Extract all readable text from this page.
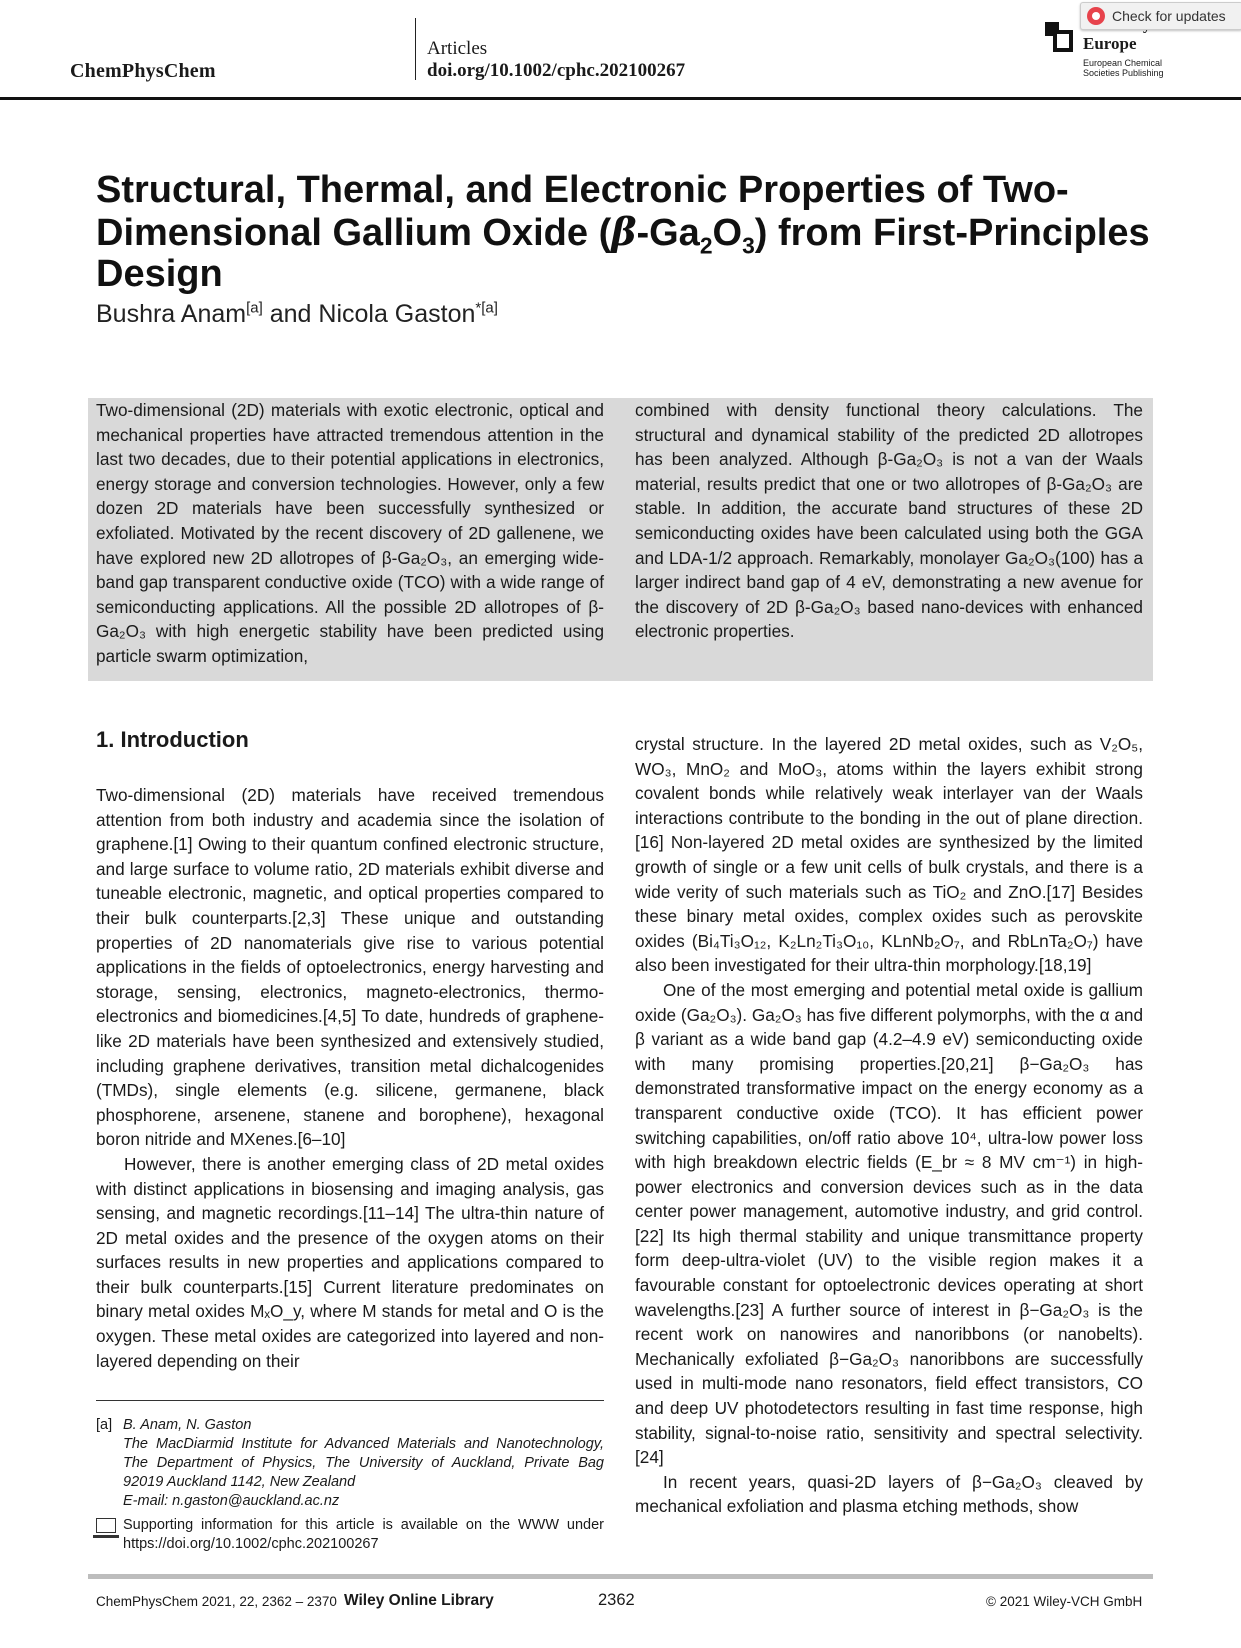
ChemPhysChem
Articles
doi.org/10.1002/cphc.202100267
Europe
European Chemical Societies Publishing
Check for updates
Structural, Thermal, and Electronic Properties of Two-Dimensional Gallium Oxide $(\beta-Ga_2O_3)$ from First-Principles Design
Bushra Anam[a] and Nicola Gaston$^{*[a]}$
Two-dimensional (2D) materials with exotic electronic, optical and mechanical properties have attracted tremendous attention in the last two decades, due to their potential applications in electronics, energy storage and conversion technologies. However, only a few dozen 2D materials have been successfully synthesized or exfoliated. Motivated by the recent discovery of 2D gallenene, we have explored new 2D allotropes of β-Ga₂O₃, an emerging wide-band gap transparent conductive oxide (TCO) with a wide range of semiconducting applications. All the possible 2D allotropes of β-Ga₂O₃ with high energetic stability have been predicted using particle swarm optimization,
combined with density functional theory calculations. The structural and dynamical stability of the predicted 2D allotropes has been analyzed. Although β-Ga₂O₃ is not a van der Waals material, results predict that one or two allotropes of β-Ga₂O₃ are stable. In addition, the accurate band structures of these 2D semiconducting oxides have been calculated using both the GGA and LDA-1/2 approach. Remarkably, monolayer Ga₂O₃(100) has a larger indirect band gap of 4 eV, demonstrating a new avenue for the discovery of 2D β-Ga₂O₃ based nano-devices with enhanced electronic properties.
1. Introduction

Two-dimensional (2D) materials have received tremendous attention from both industry and academia since the isolation of graphene.[1] Owing to their quantum confined electronic structure, and large surface to volume ratio, 2D materials exhibit diverse and tuneable electronic, magnetic, and optical properties compared to their bulk counterparts.[2,3] These unique and outstanding properties of 2D nanomaterials give rise to various potential applications in the fields of optoelectronics, energy harvesting and storage, sensing, electronics, magneto-electronics, thermo-electronics and biomedicines.[4,5] To date, hundreds of graphene-like 2D materials have been synthesized and extensively studied, including graphene derivatives, transition metal dichalcogenides (TMDs), single elements (e.g. silicene, germanene, black phosphorene, arsenene, stanene and borophene), hexagonal boron nitride and MXenes.[6–10]

However, there is another emerging class of 2D metal oxides with distinct applications in biosensing and imaging analysis, gas sensing, and magnetic recordings.[11–14] The ultra-thin nature of 2D metal oxides and the presence of the oxygen atoms on their surfaces results in new properties and applications compared to their bulk counterparts.[15] Current literature predominates on binary metal oxides MₓO_y, where M stands for metal and O is the oxygen. These metal oxides are categorized into layered and non-layered depending on their

crystal structure. In the layered 2D metal oxides, such as V₂O₅, WO₃, MnO₂ and MoO₃, atoms within the layers exhibit strong covalent bonds while relatively weak interlayer van der Waals interactions contribute to the bonding in the out of plane direction.[16] Non-layered 2D metal oxides are synthesized by the limited growth of single or a few unit cells of bulk crystals, and there is a wide verity of such materials such as TiO₂ and ZnO.[17] Besides these binary metal oxides, complex oxides such as perovskite oxides (Bi₄Ti₃O₁₂, K₂Ln₂Ti₃O₁₀, KLnNb₂O₇, and RbLnTa₂O₇) have also been investigated for their ultra-thin morphology.[18,19]

One of the most emerging and potential metal oxide is gallium oxide (Ga₂O₃). Ga₂O₃ has five different polymorphs, with the α and β variant as a wide band gap (4.2–4.9 eV) semiconducting oxide with many promising properties.[20,21] β−Ga₂O₃ has demonstrated transformative impact on the energy economy as a transparent conductive oxide (TCO). It has efficient power switching capabilities, on/off ratio above 10⁴, ultra-low power loss with high breakdown electric fields (E_br ≈ 8 MV cm⁻¹) in high-power electronics and conversion devices such as in the data center power management, automotive industry, and grid control.[22] Its high thermal stability and unique transmittance property form deep-ultra-violet (UV) to the visible region makes it a favourable constant for optoelectronic devices operating at short wavelengths.[23] A further source of interest in β−Ga₂O₃ is the recent work on nanowires and nanoribbons (or nanobelts). Mechanically exfoliated β−Ga₂O₃ nanoribbons are successfully used in multi-mode nano resonators, field effect transistors, CO and deep UV photodetectors resulting in fast time response, high stability, signal-to-noise ratio, sensitivity and spectral selectivity.[24]

In recent years, quasi-2D layers of β−Ga₂O₃ cleaved by mechanical exfoliation and plasma etching methods, show

[a] B. Anam, N. Gaston
The MacDiarmid Institute for Advanced Materials and Nanotechnology, The Department of Physics, The University of Auckland, Private Bag 92019 Auckland 1142, New Zealand
E-mail: n.gaston@auckland.ac.nz
Supporting information for this article is available on the WWW under https://doi.org/10.1002/cphc.202100267
ChemPhysChem 2021, 22, 2362 – 2370 Wiley Online Library	2362	© 2021 Wiley-VCH GmbH
